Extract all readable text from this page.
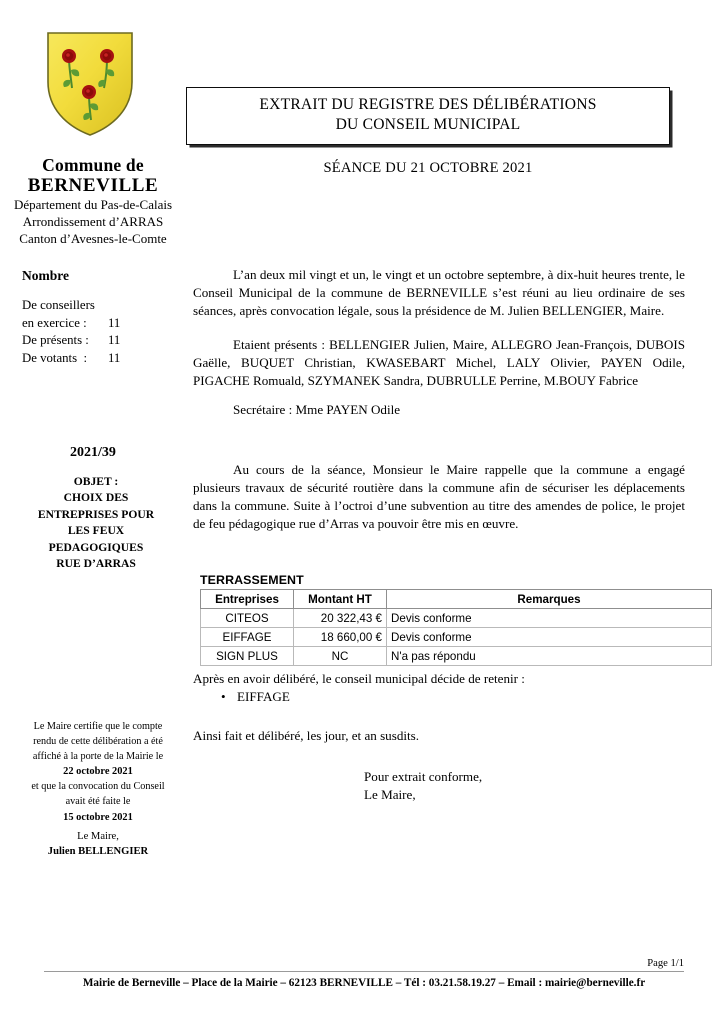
Commune de
BERNEVILLE
Département du Pas-de-Calais
Arrondissement d’ARRAS
Canton d’Avesnes-le-Comte
Nombre
De conseillers
en exercice : 11
De présents : 11
De votants  : 11
2021/39
OBJET :
CHOIX DES
ENTREPRISES POUR
LES FEUX
PEDAGOGIQUES
RUE D’ARRAS
Le Maire certifie que le compte
rendu de cette délibération a été
affiché à la porte de la Mairie le
22 octobre 2021
et que la convocation du Conseil
avait été faite le
15 octobre 2021
Le Maire,
Julien BELLENGIER
EXTRAIT DU REGISTRE DES DÉLIBÉRATIONS
DU CONSEIL MUNICIPAL
SÉANCE DU 21 OCTOBRE 2021
L’an deux mil vingt et un, le vingt et un octobre septembre, à dix-huit heures trente, le Conseil Municipal de la commune de BERNEVILLE s’est réuni au lieu ordinaire de ses séances, après convocation légale, sous la présidence de M. Julien BELLENGIER, Maire.
Etaient présents : BELLENGIER Julien, Maire, ALLEGRO Jean-François, DUBOIS Gaëlle, BUQUET Christian, KWASEBART Michel, LALY Olivier, PAYEN Odile, PIGACHE Romuald, SZYMANEK Sandra, DUBRULLE Perrine, M.BOUY Fabrice
Secrétaire : Mme PAYEN Odile
Au cours de la séance, Monsieur le Maire rappelle que la commune a engagé plusieurs travaux de sécurité routière dans la commune afin de sécuriser les déplacements dans la commune. Suite à l’octroi d’une subvention au titre des amendes de police, le projet de feu pédagogique rue d’Arras va pouvoir être mis en œuvre.
TERRASSEMENT
Entreprises	Montant HT	Remarques
CITEOS	20 322,43 €	Devis conforme
EIFFAGE	18 660,00 €	Devis conforme
SIGN PLUS	NC	N'a pas répondu
Après en avoir délibéré, le conseil municipal décide de retenir :
• EIFFAGE
Ainsi fait et délibéré, les jour, et an susdits.
Pour extrait conforme,
Le Maire,
Page 1/1
Mairie de Berneville – Place de la Mairie – 62123 BERNEVILLE – Tél : 03.21.58.19.27 – Email : mairie@berneville.fr
